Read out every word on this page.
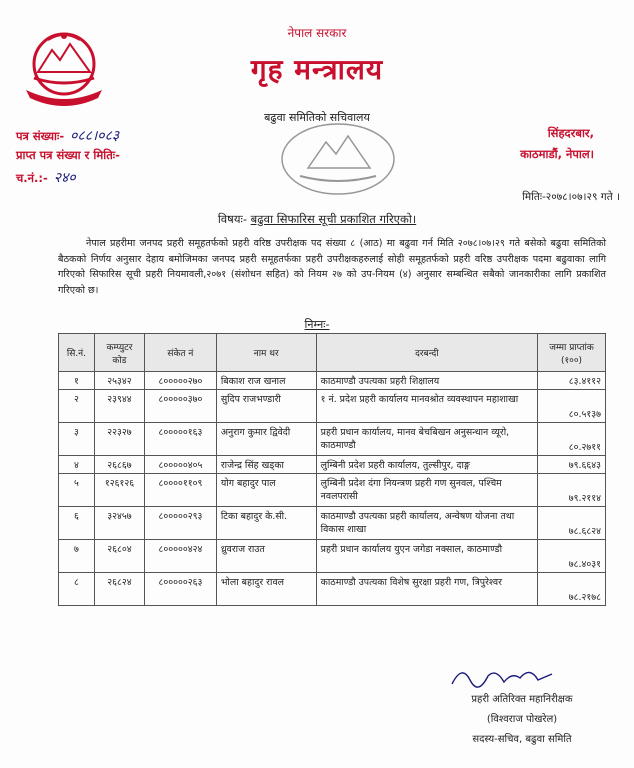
नेपाल सरकार
गृह मन्त्रालय
बढुवा समितिको सचिवालय
पत्र संख्याः- ०८८।०८३
प्राप्त पत्र संख्या र मितिः-
च.नं.:- २४०
सिंहदरबार,
काठमाडौं, नेपाल।
मितिः-२०७८।०७।२९ गते ।
विषयः- बढुवा सिफारिस सूची प्रकाशित गरिएको।
नेपाल प्रहरीमा जनपद प्रहरी समूहतर्फको प्रहरी वरिष्ठ उपरीक्षक पद संख्या ८ (आठ) मा बढुवा गर्न मिति २०७८।०७।२९ गते बसेको बढुवा समितिको बैठकको निर्णय अनुसार देहाय बमोजिमका जनपद प्रहरी समूहतर्फका प्रहरी उपरीक्षकहरुलाई सोही समूहतर्फको प्रहरी वरिष्ठ उपरीक्षक पदमा बढुवाका लागि गरिएको सिफारिस सूची प्रहरी नियमावली,२०७१ (संशोधन सहित) को नियम २७ को उप-नियम (४) अनुसार सम्बन्धित सबैको जानकारीका लागि प्रकाशित गरिएको छ।
निम्नः-
सि.नं.	कम्प्युटर कोड	संकेत नं	नाम थर	दरबन्दी	जम्मा प्राप्तांक (१००)
१	२५३४२	८०००००२७०	बिकाश राज खनाल	काठमाण्डौ उपत्यका प्रहरी शिक्षालय	८३.४११२
२	२३९४४	८०००००३७०	सुदिप राजभण्डारी	१ नं. प्रदेश प्रहरी कार्यालय मानवश्रोत व्यवस्थापन महाशाखा	८०.५१३७
३	२२३२७	८०००००१६३	अनुराग कुमार द्विवेदी	प्रहरी प्रधान कार्यालय, मानव बेचबिखन अनुसन्धान व्यूरो, काठमाण्डौ	८०.२७११
४	२६८६७	८०००००४०५	राजेन्द्र सिंह खड्का	लुम्बिनी प्रदेश प्रहरी कार्यालय, तुल्सीपुर, दाङ्ग	७९.६६४३
५	१२६१२६	८००००११०९	योग बहादुर पाल	लुम्बिनी प्रदेश दंगा नियन्त्रण प्रहरी गण सुनवल, पश्चिम नवलपरासी	७९.२११४
६	३२४५७	८०००००२९३	टिका बहादुर के.सी.	काठमाण्डौ उपत्यका प्रहरी कार्यालय, अन्वेषण योजना तथा विकास शाखा	७८.६८२४
७	२६८०४	८०००००४२४	ध्रुवराज राउत	प्रहरी प्रधान कार्यालय युएन जगेडा नक्साल, काठमाण्डौ	७८.४०३१
८	२६८२४	८०००००२६३	भोला बहादुर रावल	काठमाण्डौ उपत्यका विशेष सुरक्षा प्रहरी गण, त्रिपुरेश्वर	७८.२१७८
प्रहरी अतिरिक्त महानिरीक्षक
(विश्वराज पोखरेल)
सदस्य-सचिव, बढुवा समिति
